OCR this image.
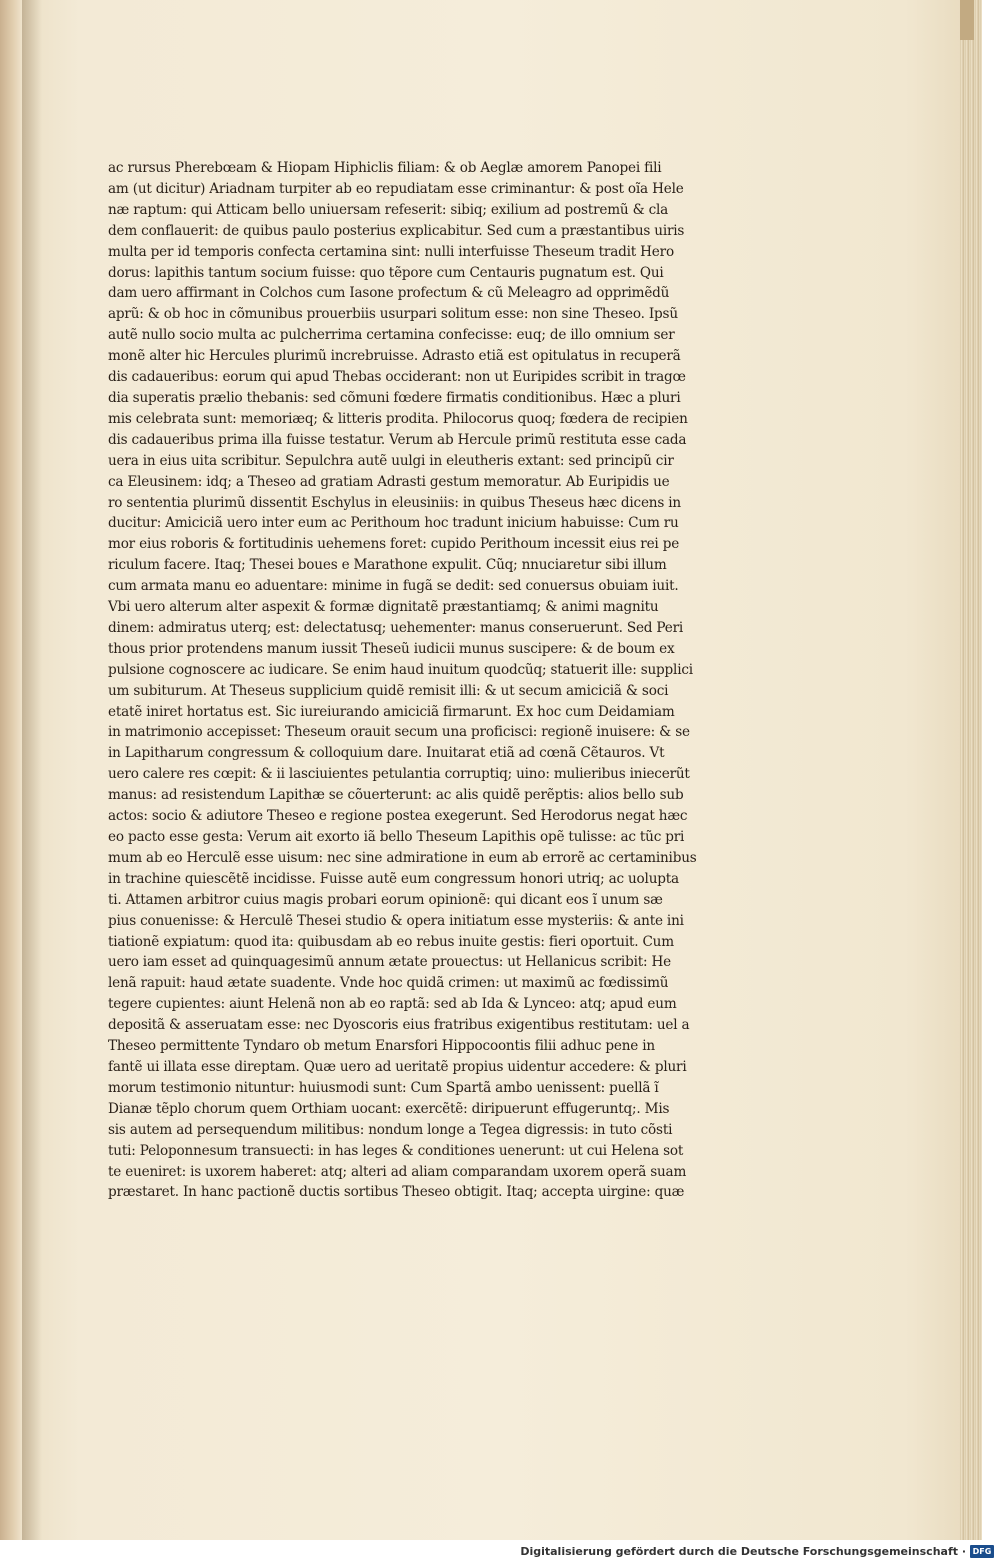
ac rursus Pherebœam & Hiopam Hiphiclis filiam: & ob Aeglæ amorem Panopei fili
am (ut dicitur) Ariadnam turpiter ab eo repudiatam esse criminantur: & post oĩa Hele
næ raptum: qui Atticam bello uniuersam refeserit: sibiq; exilium ad postremũ & cla
dem conflauerit: de quibus paulo posterius explicabitur. Sed cum a præstantibus uiris
multa per id temporis confecta certamina sint: nulli interfuisse Theseum tradit Hero
dorus: lapithis tantum socium fuisse: quo tẽpore cum Centauris pugnatum est. Qui
dam uero affirmant in Colchos cum Iasone profectum & cũ Meleagro ad opprimẽdũ
aprũ: & ob hoc in cõmunibus prouerbiis usurpari solitum esse: non sine Theseo. Ipsũ
autẽ nullo socio multa ac pulcherrima certamina confecisse: euq; de illo omnium ser
monẽ alter hic Hercules plurimũ increbruisse. Adrasto etiã est opitulatus in recuperã
dis cadaueribus: eorum qui apud Thebas occiderant: non ut Euripides scribit in tragœ
dia superatis prælio thebanis: sed cõmuni fœdere firmatis conditionibus. Hæc a pluri
mis celebrata sunt: memoriæq; & litteris prodita. Philocorus quoq; fœdera de recipien
dis cadaueribus prima illa fuisse testatur. Verum ab Hercule primũ restituta esse cada
uera in eius uita scribitur. Sepulchra autẽ uulgi in eleutheris extant: sed principũ cir
ca Eleusinem: idq; a Theseo ad gratiam Adrasti gestum memoratur. Ab Euripidis ue
ro sententia plurimũ dissentit Eschylus in eleusiniis: in quibus Theseus hæc dicens in
ducitur: Amiciciã uero inter eum ac Perithoum hoc tradunt inicium habuisse: Cum ru
mor eius roboris & fortitudinis uehemens foret: cupido Perithoum incessit eius rei pe
riculum facere. Itaq; Thesei boues e Marathone expulit. Cũq; nnuciaretur sibi illum
cum armata manu eo aduentare: minime in fugã se dedit: sed conuersus obuiam iuit.
Vbi uero alterum alter aspexit & formæ dignitatẽ præstantiamq; & animi magnitu
dinem: admiratus uterq; est: delectatusq; uehementer: manus conseruerunt. Sed Peri
thous prior protendens manum iussit Theseũ iudicii munus suscipere: & de boum ex
pulsione cognoscere ac iudicare. Se enim haud inuitum quodcũq; statuerit ille: supplici
um subiturum. At Theseus supplicium quidẽ remisit illi: & ut secum amiciciã & soci
etatẽ iniret hortatus est. Sic iureiurando amiciciã firmarunt. Ex hoc cum Deidamiam
in matrimonio accepisset: Theseum orauit secum una proficisci: regionẽ inuisere: & se
in Lapitharum congressum & colloquium dare. Inuitarat etiã ad cœnã Cẽtauros. Vt
uero calere res cœpit: & ii lasciuientes petulantia corruptiq; uino: mulieribus iniecerũt
manus: ad resistendum Lapithæ se cõuerterunt: ac alis quidẽ perẽptis: alios bello sub
actos: socio & adiutore Theseo e regione postea exegerunt. Sed Herodorus negat hæc
eo pacto esse gesta: Verum ait exorto iã bello Theseum Lapithis opẽ tulisse: ac tũc pri
mum ab eo Herculẽ esse uisum: nec sine admiratione in eum ab errorẽ ac certaminibus
in trachine quiescẽtẽ incidisse. Fuisse autẽ eum congressum honori utriq; ac uolupta
ti. Attamen arbitror cuius magis probari eorum opinionẽ: qui dicant eos ĩ unum sæ
pius conuenisse: & Herculẽ Thesei studio & opera initiatum esse mysteriis: & ante ini
tiationẽ expiatum: quod ita: quibusdam ab eo rebus inuite gestis: fieri oportuit. Cum
uero iam esset ad quinquagesimũ annum ætate prouectus: ut Hellanicus scribit: He
lenã rapuit: haud ætate suadente. Vnde hoc quidã crimen: ut maximũ ac fœdissimũ
tegere cupientes: aiunt Helenã non ab eo raptã: sed ab Ida & Lynceo: atq; apud eum
depositã & asseruatam esse: nec Dyoscoris eius fratribus exigentibus restitutam: uel a
Theseo permittente Tyndaro ob metum Enarsfori Hippocoontis filii adhuc pene in
fantẽ ui illata esse direptam. Quæ uero ad ueritatẽ propius uidentur accedere: & pluri
morum testimonio nituntur: huiusmodi sunt: Cum Spartã ambo uenissent: puellã ĩ
Dianæ tẽplo chorum quem Orthiam uocant: exercẽtẽ: diripuerunt effugeruntq;. Mis
sis autem ad persequendum militibus: nondum longe a Tegea digressis: in tuto cõsti
tuti: Peloponnesum transuecti: in has leges & conditiones uenerunt: ut cui Helena sot
te eueniret: is uxorem haberet: atq; alteri ad aliam comparandam uxorem operã suam
præstaret. In hanc pactionẽ ductis sortibus Theseo obtigit. Itaq; accepta uirgine: quæ
Digitalisierung gefördert durch die Deutsche Forschungsgemeinschaft · DFG
